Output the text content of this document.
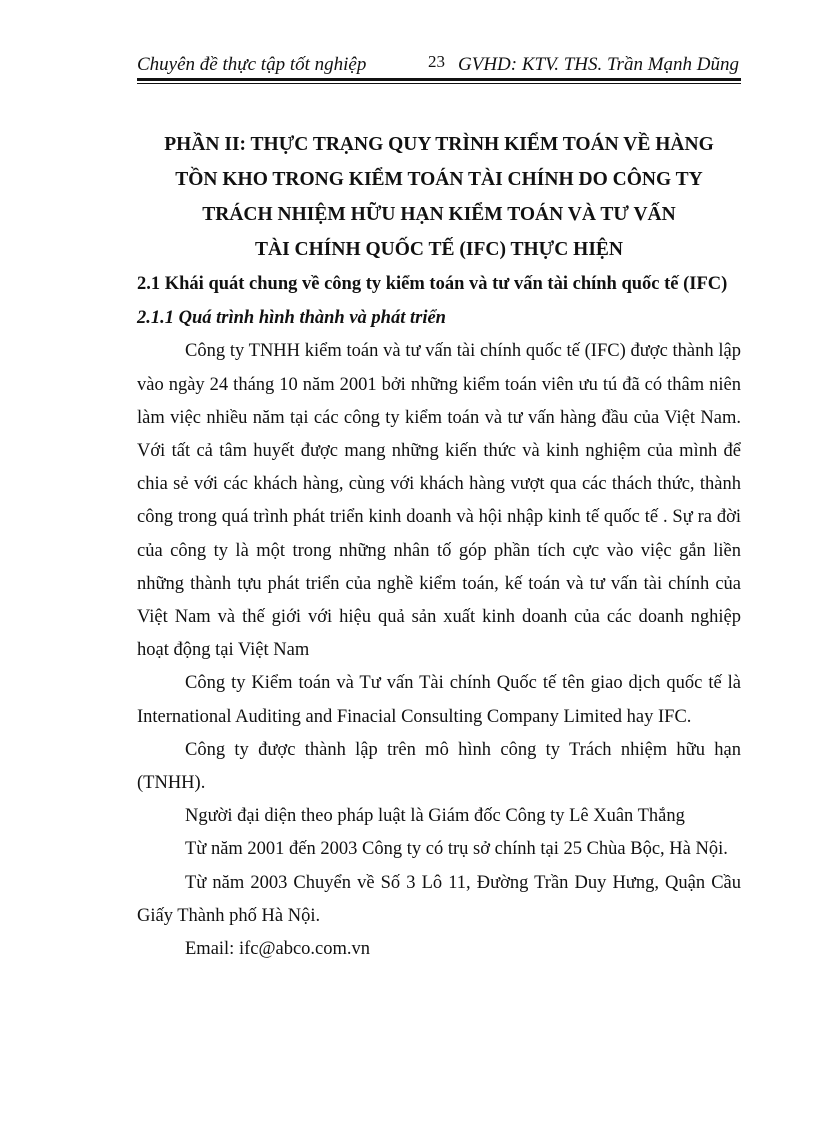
Chuyên đề thực tập tốt nghiệp	23 GVHD: KTV. THS. Trần Mạnh Dũng
PHẦN II: THỰC TRẠNG QUY TRÌNH KIỂM TOÁN VỀ HÀNG
TỒN KHO TRONG KIỂM TOÁN TÀI CHÍNH DO CÔNG TY
TRÁCH NHIỆM HỮU HẠN KIỂM TOÁN VÀ TƯ VẤN
TÀI CHÍNH QUỐC TẾ (IFC) THỰC HIỆN
2.1 Khái quát chung về công ty kiểm toán và tư vấn tài chính quốc tế (IFC)
2.1.1 Quá trình hình thành và phát triển

Công ty TNHH kiểm toán và tư vấn tài chính quốc tế (IFC) được thành lập vào ngày 24 tháng 10 năm 2001 bởi những kiểm toán viên ưu tú đã có thâm niên làm việc nhiều năm tại các công ty kiểm toán và tư vấn hàng đầu của Việt Nam. Với tất cả tâm huyết được mang những kiến thức và kinh nghiệm của mình để chia sẻ với các khách hàng, cùng với khách hàng vượt qua các thách thức, thành công trong quá trình phát triển kinh doanh và hội nhập kinh tế quốc tế . Sự ra đời của công ty là một trong những nhân tố góp phần tích cực vào việc gắn liền những thành tựu phát triển của nghề kiểm toán, kế toán và tư vấn tài chính của Việt Nam và thế giới với hiệu quả sản xuất kinh doanh của các doanh nghiệp hoạt động tại Việt Nam

Công ty Kiểm toán và Tư vấn Tài chính Quốc tế tên giao dịch quốc tế là International Auditing and Finacial Consulting Company Limited hay IFC.

Công ty được thành lập trên mô hình công ty Trách nhiệm hữu hạn (TNHH).

Người đại diện theo pháp luật là Giám đốc Công ty Lê Xuân Thắng

Từ năm 2001 đến 2003 Công ty có trụ sở chính tại 25 Chùa Bộc, Hà Nội.

Từ năm 2003 Chuyển về Số 3 Lô 11, Đường Trần Duy Hưng, Quận Cầu Giấy Thành phố Hà Nội.

Email: ifc@abco.com.vn
